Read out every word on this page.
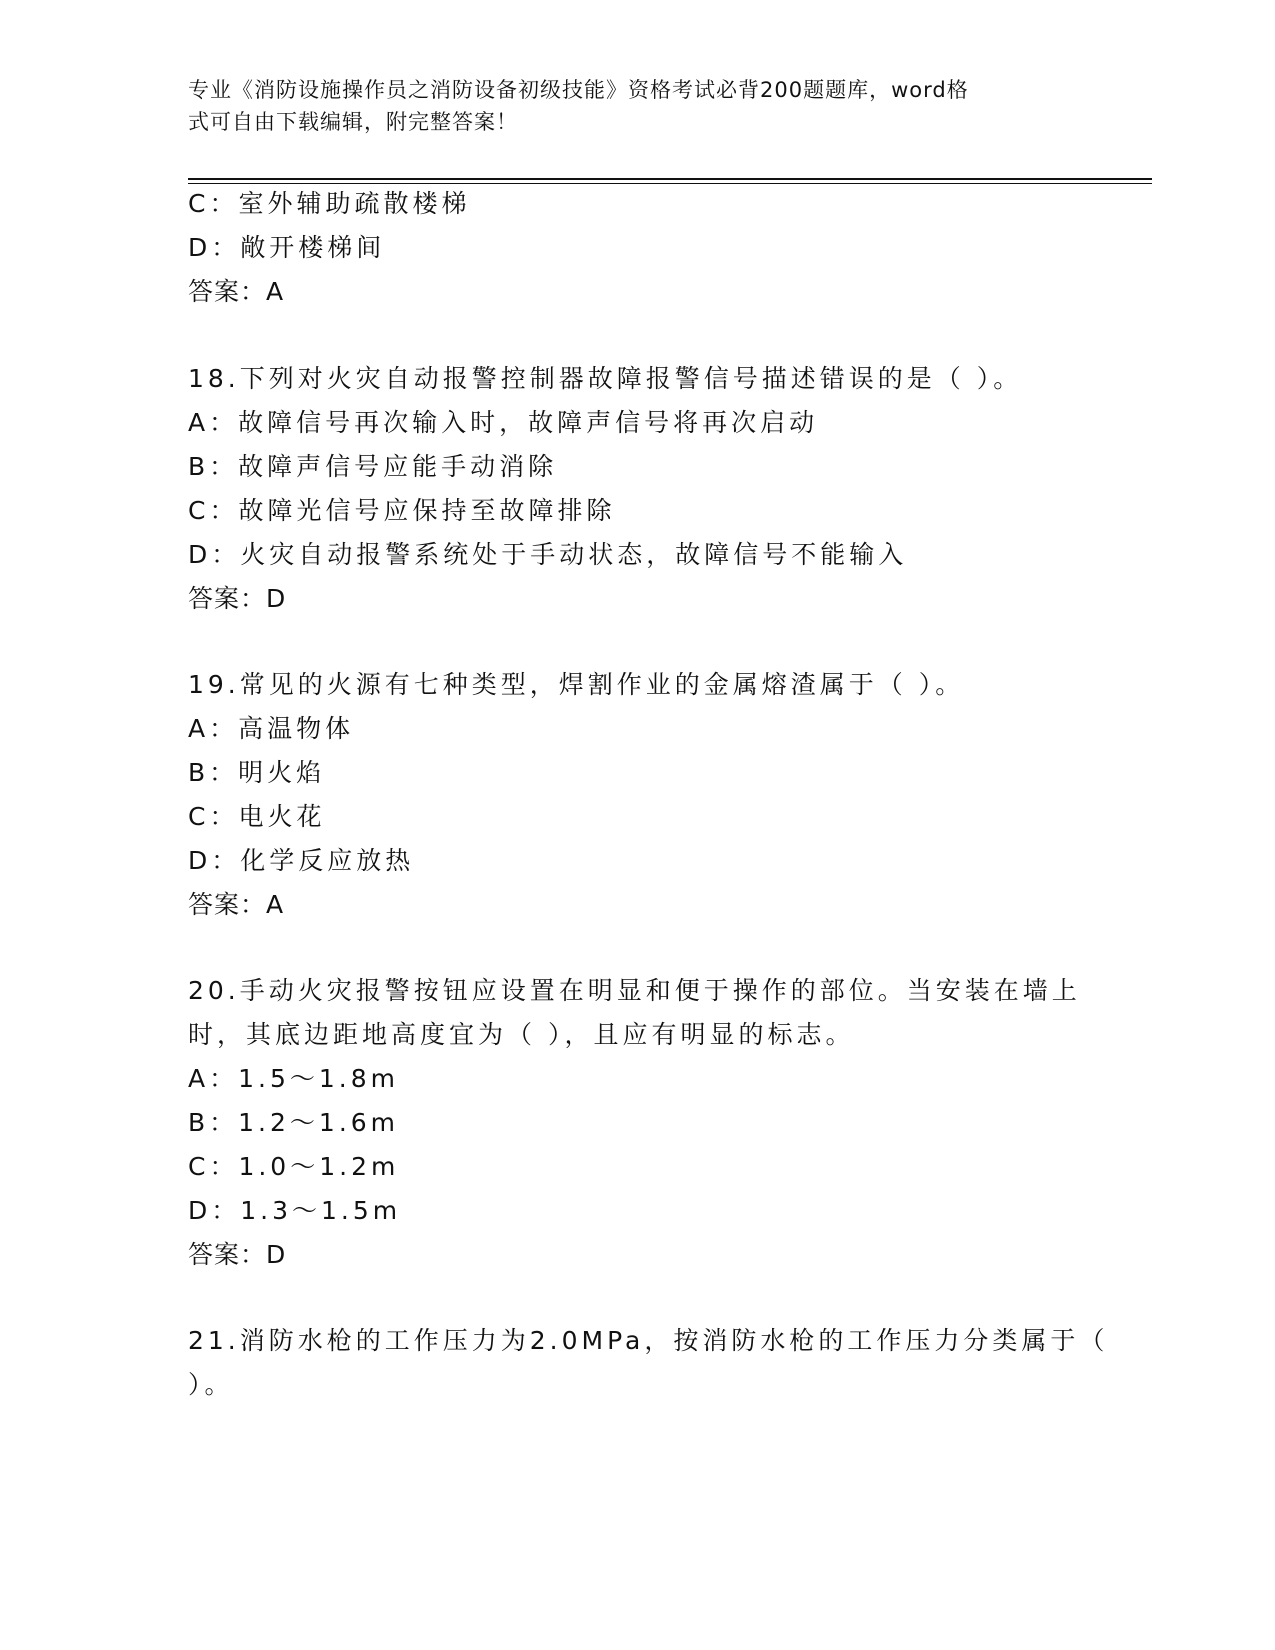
专业《消防设施操作员之消防设备初级技能》资格考试必背200题题库，word格
式可自由下载编辑，附完整答案！
C：室外辅助疏散楼梯
D：敞开楼梯间
答案：A
18.下列对火灾自动报警控制器故障报警信号描述错误的是（ ）。
A：故障信号再次输入时，故障声信号将再次启动
B：故障声信号应能手动消除
C：故障光信号应保持至故障排除
D：火灾自动报警系统处于手动状态，故障信号不能输入
答案：D
19.常见的火源有七种类型，焊割作业的金属熔渣属于（ ）。
A：高温物体
B：明火焰
C：电火花
D：化学反应放热
答案：A
20.手动火灾报警按钮应设置在明显和便于操作的部位。当安装在墙上
时，其底边距地高度宜为（ ），且应有明显的标志。
A：1.5～1.8m
B：1.2～1.6m
C：1.0～1.2m
D：1.3～1.5m
答案：D
21.消防水枪的工作压力为2.0MPa，按消防水枪的工作压力分类属于（
）。
